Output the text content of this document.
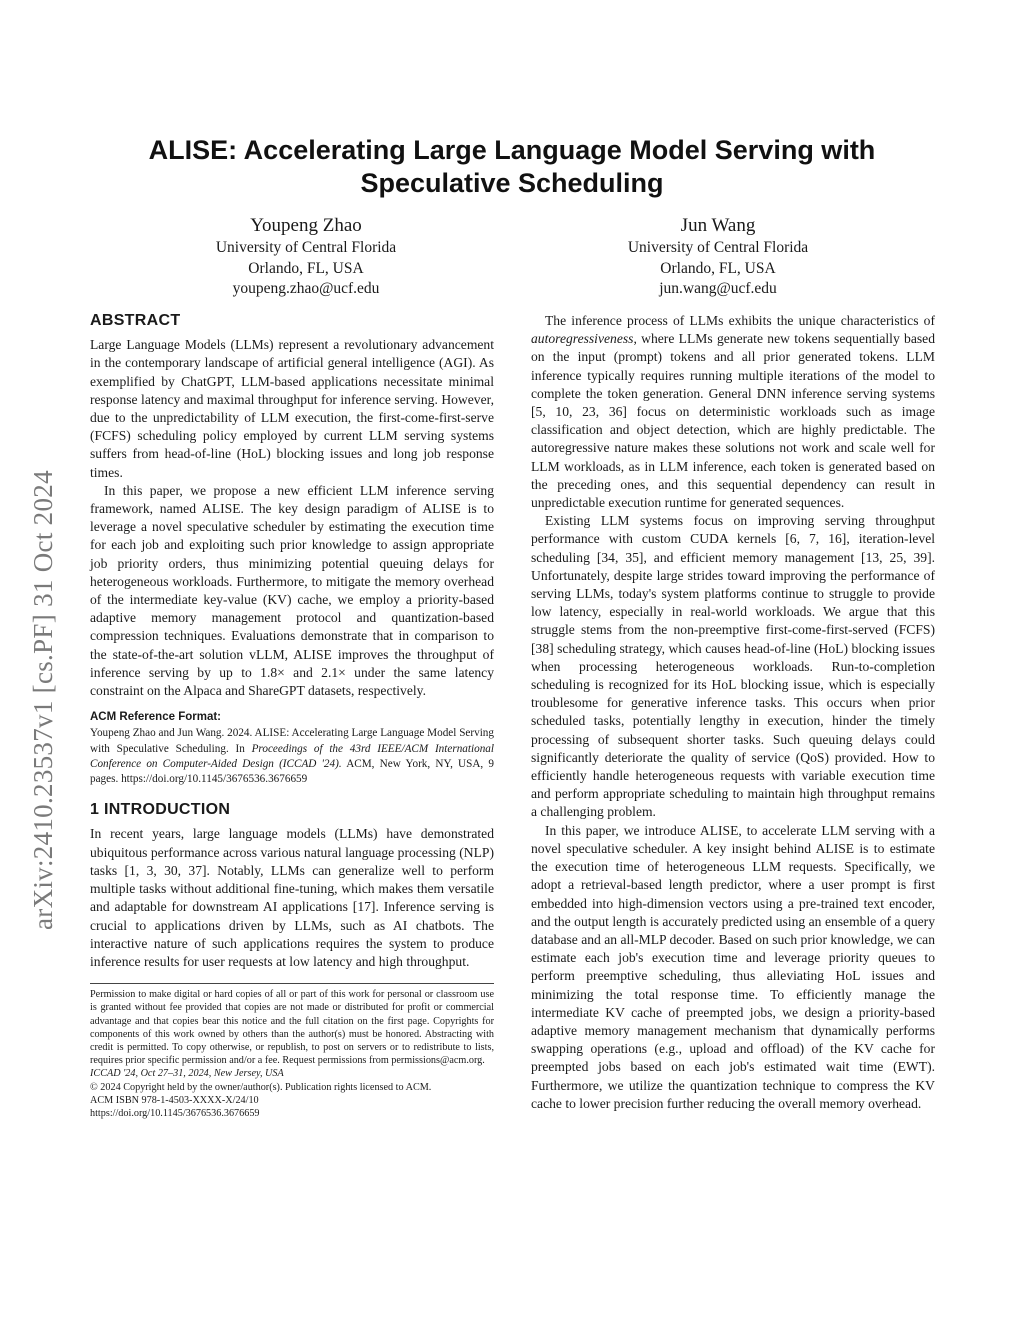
arXiv:2410.23537v1 [cs.PF] 31 Oct 2024
ALISE: Accelerating Large Language Model Serving with
Speculative Scheduling
Youpeng Zhao
University of Central Florida
Orlando, FL, USA
youpeng.zhao@ucf.edu
Jun Wang
University of Central Florida
Orlando, FL, USA
jun.wang@ucf.edu
ABSTRACT

Large Language Models (LLMs) represent a revolutionary advancement in the contemporary landscape of artificial general intelligence (AGI). As exemplified by ChatGPT, LLM-based applications necessitate minimal response latency and maximal throughput for inference serving. However, due to the unpredictability of LLM execution, the first-come-first-serve (FCFS) scheduling policy employed by current LLM serving systems suffers from head-of-line (HoL) blocking issues and long job response times.

In this paper, we propose a new efficient LLM inference serving framework, named ALISE. The key design paradigm of ALISE is to leverage a novel speculative scheduler by estimating the execution time for each job and exploiting such prior knowledge to assign appropriate job priority orders, thus minimizing potential queuing delays for heterogeneous workloads. Furthermore, to mitigate the memory overhead of the intermediate key-value (KV) cache, we employ a priority-based adaptive memory management protocol and quantization-based compression techniques. Evaluations demonstrate that in comparison to the state-of-the-art solution vLLM, ALISE improves the throughput of inference serving by up to 1.8× and 2.1× under the same latency constraint on the Alpaca and ShareGPT datasets, respectively.

ACM Reference Format:

Youpeng Zhao and Jun Wang. 2024. ALISE: Accelerating Large Language Model Serving with Speculative Scheduling. In Proceedings of the 43rd IEEE/ACM International Conference on Computer-Aided Design (ICCAD '24). ACM, New York, NY, USA, 9 pages. https://doi.org/10.1145/3676536.3676659

1 INTRODUCTION

In recent years, large language models (LLMs) have demonstrated ubiquitous performance across various natural language processing (NLP) tasks [1, 3, 30, 37]. Notably, LLMs can generalize well to perform multiple tasks without additional fine-tuning, which makes them versatile and adaptable for downstream AI applications [17]. Inference serving is crucial to applications driven by LLMs, such as AI chatbots. The interactive nature of such applications requires the system to produce inference results for user requests at low latency and high throughput.

Permission to make digital or hard copies of all or part of this work for personal or classroom use is granted without fee provided that copies are not made or distributed for profit or commercial advantage and that copies bear this notice and the full citation on the first page. Copyrights for components of this work owned by others than the author(s) must be honored. Abstracting with credit is permitted. To copy otherwise, or republish, to post on servers or to redistribute to lists, requires prior specific permission and/or a fee. Request permissions from permissions@acm.org.

ICCAD '24, Oct 27–31, 2024, New Jersey, USA

© 2024 Copyright held by the owner/author(s). Publication rights licensed to ACM.

ACM ISBN 978-1-4503-XXXX-X/24/10

https://doi.org/10.1145/3676536.3676659

The inference process of LLMs exhibits the unique characteristics of autoregressiveness, where LLMs generate new tokens sequentially based on the input (prompt) tokens and all prior generated tokens. LLM inference typically requires running multiple iterations of the model to complete the token generation. General DNN inference serving systems [5, 10, 23, 36] focus on deterministic workloads such as image classification and object detection, which are highly predictable. The autoregressive nature makes these solutions not work and scale well for LLM workloads, as in LLM inference, each token is generated based on the preceding ones, and this sequential dependency can result in unpredictable execution runtime for generated sequences.

Existing LLM systems focus on improving serving throughput performance with custom CUDA kernels [6, 7, 16], iteration-level scheduling [34, 35], and efficient memory management [13, 25, 39]. Unfortunately, despite large strides toward improving the performance of serving LLMs, today's system platforms continue to struggle to provide low latency, especially in real-world workloads. We argue that this struggle stems from the non-preemptive first-come-first-served (FCFS) [38] scheduling strategy, which causes head-of-line (HoL) blocking issues when processing heterogeneous workloads. Run-to-completion scheduling is recognized for its HoL blocking issue, which is especially troublesome for generative inference tasks. This occurs when prior scheduled tasks, potentially lengthy in execution, hinder the timely processing of subsequent shorter tasks. Such queuing delays could significantly deteriorate the quality of service (QoS) provided. How to efficiently handle heterogeneous requests with variable execution time and perform appropriate scheduling to maintain high throughput remains a challenging problem.

In this paper, we introduce ALISE, to accelerate LLM serving with a novel speculative scheduler. A key insight behind ALISE is to estimate the execution time of heterogeneous LLM requests. Specifically, we adopt a retrieval-based length predictor, where a user prompt is first embedded into high-dimension vectors using a pre-trained text encoder, and the output length is accurately predicted using an ensemble of a query database and an all-MLP decoder. Based on such prior knowledge, we can estimate each job's execution time and leverage priority queues to perform preemptive scheduling, thus alleviating HoL issues and minimizing the total response time. To efficiently manage the intermediate KV cache of preempted jobs, we design a priority-based adaptive memory management mechanism that dynamically performs swapping operations (e.g., upload and offload) of the KV cache for preempted jobs based on each job's estimated wait time (EWT). Furthermore, we utilize the quantization technique to compress the KV cache to lower precision further reducing the overall memory overhead.
